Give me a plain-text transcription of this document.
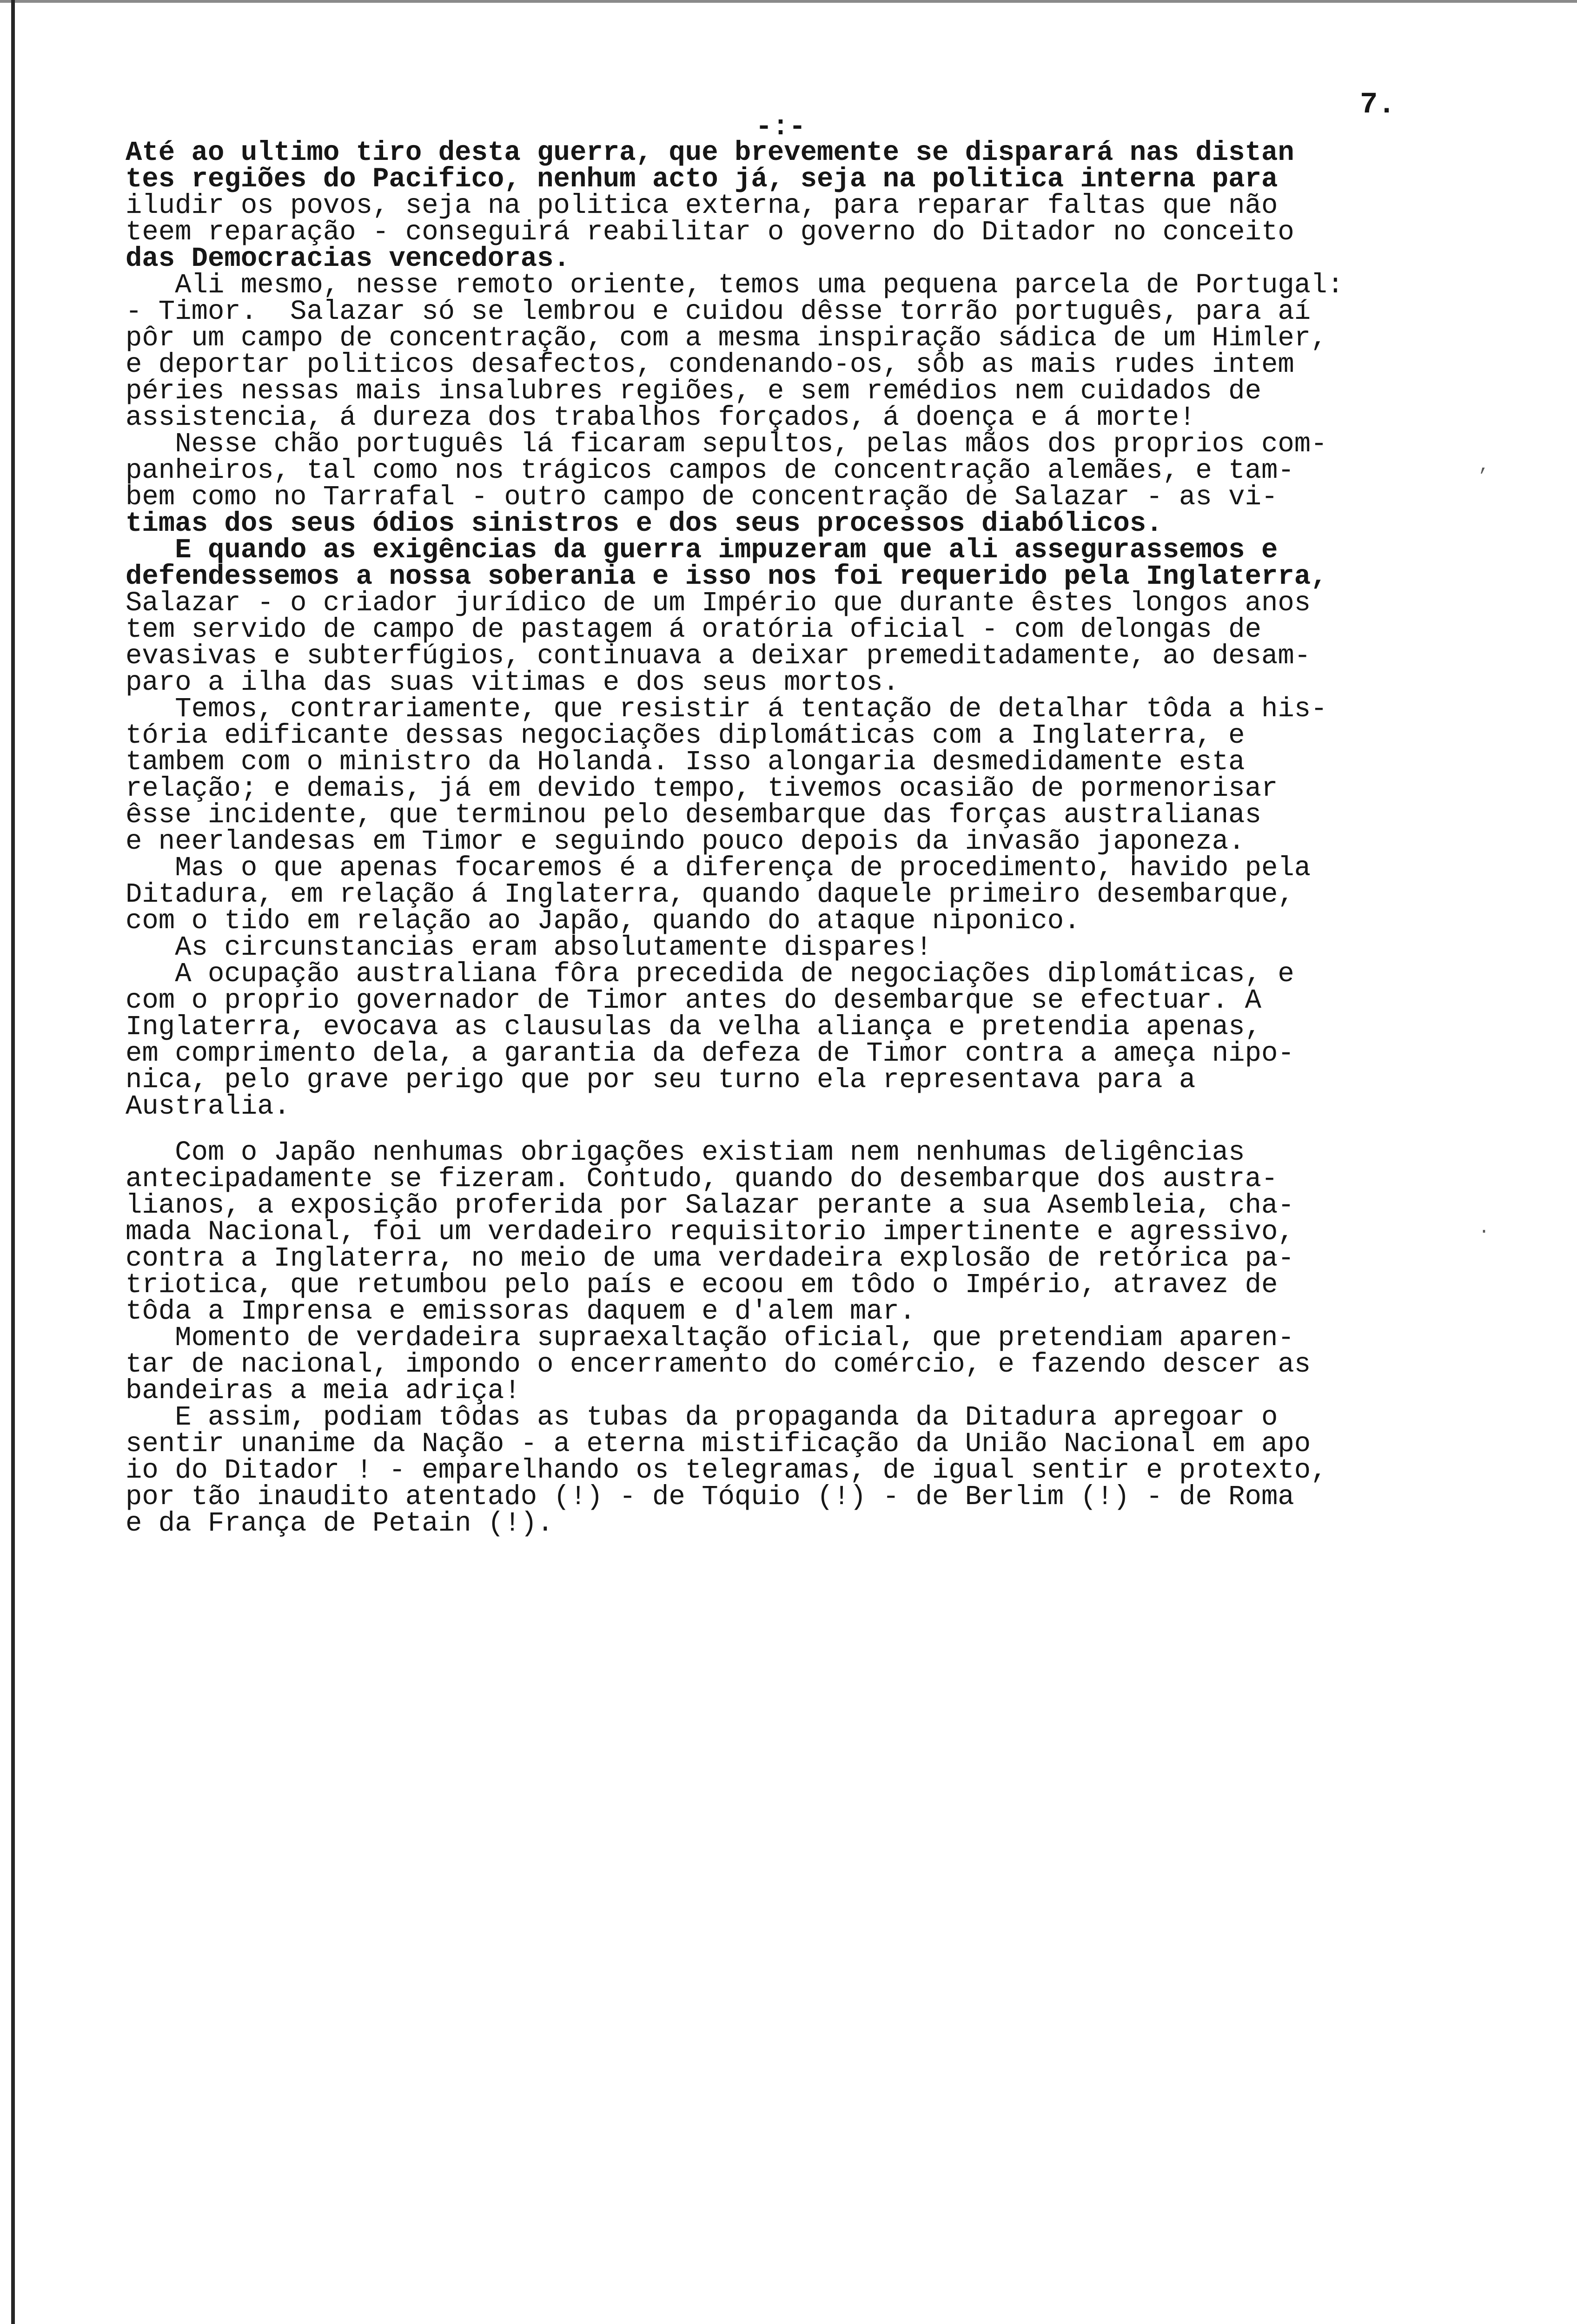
7.
-:-
Até ao ultimo tiro desta guerra, que brevemente se disparará nas distan
tes regiões do Pacifico, nenhum acto já, seja na politica interna para
iludir os povos, seja na politica externa, para reparar faltas que não
teem reparação - conseguirá reabilitar o governo do Ditador no conceito
das Democracias vencedoras.
Ali mesmo, nesse remoto oriente, temos uma pequena parcela de Portugal:
- Timor.  Salazar só se lembrou e cuidou dêsse torrão português, para aí
pôr um campo de concentração, com a mesma inspiração sádica de um Himler,
e deportar politicos desafectos, condenando-os, sôb as mais rudes intem
péries nessas mais insalubres regiões, e sem remédios nem cuidados de
assistencia, á dureza dos trabalhos forçados, á doença e á morte!
Nesse chão português lá ficaram sepultos, pelas mãos dos proprios com-
panheiros, tal como nos trágicos campos de concentração alemães, e tam-
bem como no Tarrafal - outro campo de concentração de Salazar - as vi-
timas dos seus ódios sinistros e dos seus processos diabólicos.
E quando as exigências da guerra impuzeram que ali assegurassemos e
defendessemos a nossa soberania e isso nos foi requerido pela Inglaterra,
Salazar - o criador jurídico de um Império que durante êstes longos anos
tem servido de campo de pastagem á oratória oficial - com delongas de
evasivas e subterfúgios, continuava a deixar premeditadamente, ao desam-
paro a ilha das suas vitimas e dos seus mortos.
Temos, contrariamente, que resistir á tentação de detalhar tôda a his-
tória edificante dessas negociações diplomáticas com a Inglaterra, e
tambem com o ministro da Holanda. Isso alongaria desmedidamente esta
relação; e demais, já em devido tempo, tivemos ocasião de pormenorisar
êsse incidente, que terminou pelo desembarque das forças australianas
e neerlandesas em Timor e seguindo pouco depois da invasão japoneza.
Mas o que apenas focaremos é a diferença de procedimento, havido pela
Ditadura, em relação á Inglaterra, quando daquele primeiro desembarque,
com o tido em relação ao Japão, quando do ataque niponico.
As circunstancias eram absolutamente dispares!
A ocupação australiana fôra precedida de negociações diplomáticas, e
com o proprio governador de Timor antes do desembarque se efectuar. A
Inglaterra, evocava as clausulas da velha aliança e pretendia apenas,
em comprimento dela, a garantia da defeza de Timor contra a ameça nipo-
nica, pelo grave perigo que por seu turno ela representava para a
Australia.
Com o Japão nenhumas obrigações existiam nem nenhumas deligências
antecipadamente se fizeram. Contudo, quando do desembarque dos austra-
lianos, a exposição proferida por Salazar perante a sua Asembleia, cha-
mada Nacional, foi um verdadeiro requisitorio impertinente e agressivo,
contra a Inglaterra, no meio de uma verdadeira explosão de retórica pa-
triotica, que retumbou pelo país e ecoou em tôdo o Império, atravez de
tôda a Imprensa e emissoras daquem e d'alem mar.
Momento de verdadeira supraexaltação oficial, que pretendiam aparen-
tar de nacional, impondo o encerramento do comércio, e fazendo descer as
bandeiras a meia adriça!
E assim, podiam tôdas as tubas da propaganda da Ditadura apregoar o
sentir unanime da Nação - a eterna mistificação da União Nacional em apo
io do Ditador ! - emparelhando os telegramas, de igual sentir e protexto,
por tão inaudito atentado (!) - de Tóquio (!) - de Berlim (!) - de Roma
e da França de Petain (!).
,
.
